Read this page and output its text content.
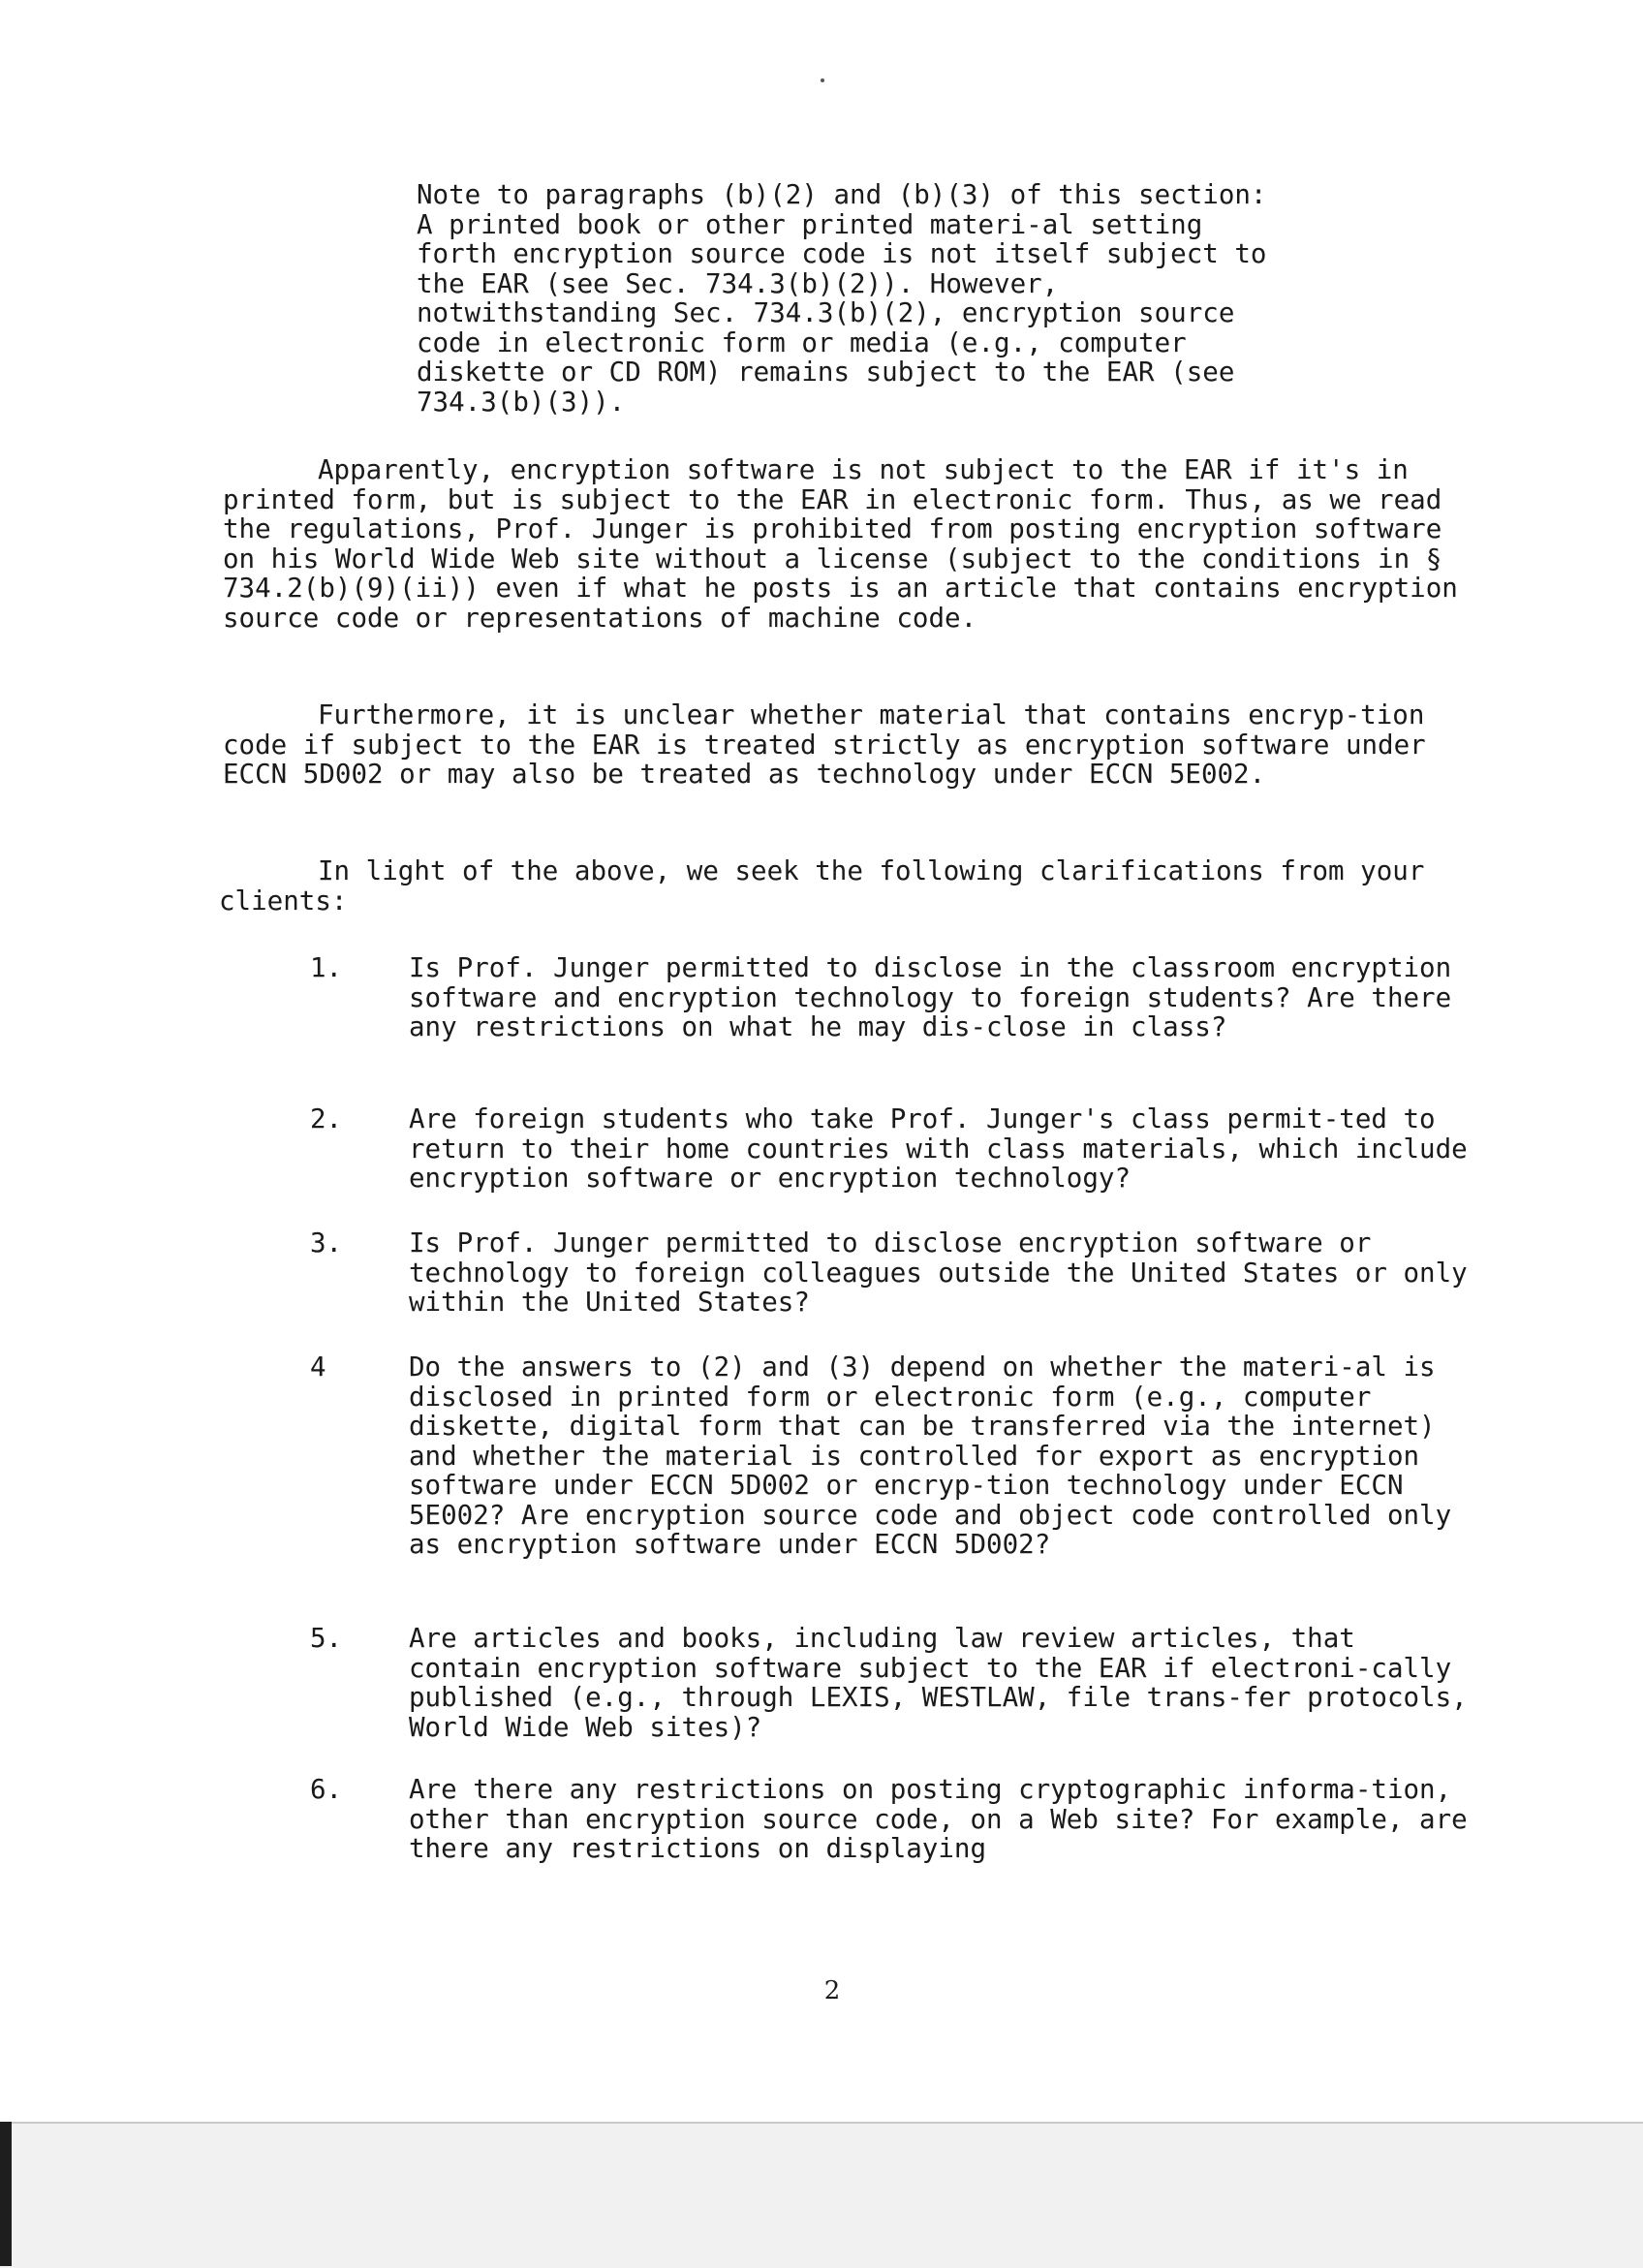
Note to paragraphs (b)(2) and (b)(3) of this section:  A printed book or other printed materi-al setting forth encryption source code is not itself subject to the EAR (see Sec. 734.3(b)(2)). However, notwithstanding Sec. 734.3(b)(2), encryption source code in electronic form or media (e.g., computer diskette or CD ROM) remains subject to the EAR (see 734.3(b)(3)).

Apparently, encryption software is not subject to the EAR if it's in printed form, but is subject to the EAR in electronic form. Thus, as we read the regulations, Prof. Junger is prohibited from posting encryption software on his World Wide Web site without a license (subject to the conditions in § 734.2(b)(9)(ii)) even if what he posts is an article that contains encryption source code or representations of machine code.

Furthermore, it is unclear whether material that contains encryp-tion code if subject to the EAR is treated strictly as encryption software under ECCN 5D002 or may also be treated as technology under ECCN 5E002.

In light of the above, we seek the following clarifications from your clients:

1.	Is Prof. Junger permitted to disclose in the classroom encryption software and encryption technology to foreign students? Are there any restrictions on what he may dis-close in class?

2.	Are foreign students who take Prof. Junger's class permit-ted to return to their home countries with class materials, which include encryption software or encryption technology?

3.	Is Prof. Junger permitted to disclose encryption software or technology to foreign colleagues outside the United States or only within the United States?

4	Do the answers to (2) and (3) depend on whether the materi-al is disclosed in printed form or electronic form (e.g., computer diskette, digital form that can be transferred via the internet) and whether the material is controlled for export as encryption software under ECCN 5D002 or encryp-tion technology under ECCN 5E002? Are encryption source code and object code controlled only as encryption software under ECCN 5D002?

5.	Are articles and books, including law review articles, that contain encryption software subject to the EAR if electroni-cally published (e.g., through LEXIS, WESTLAW, file trans-fer protocols, World Wide Web sites)?

6.	Are there any restrictions on posting cryptographic informa-tion, other than encryption source code, on a Web site? For example, are there any restrictions on displaying

2
